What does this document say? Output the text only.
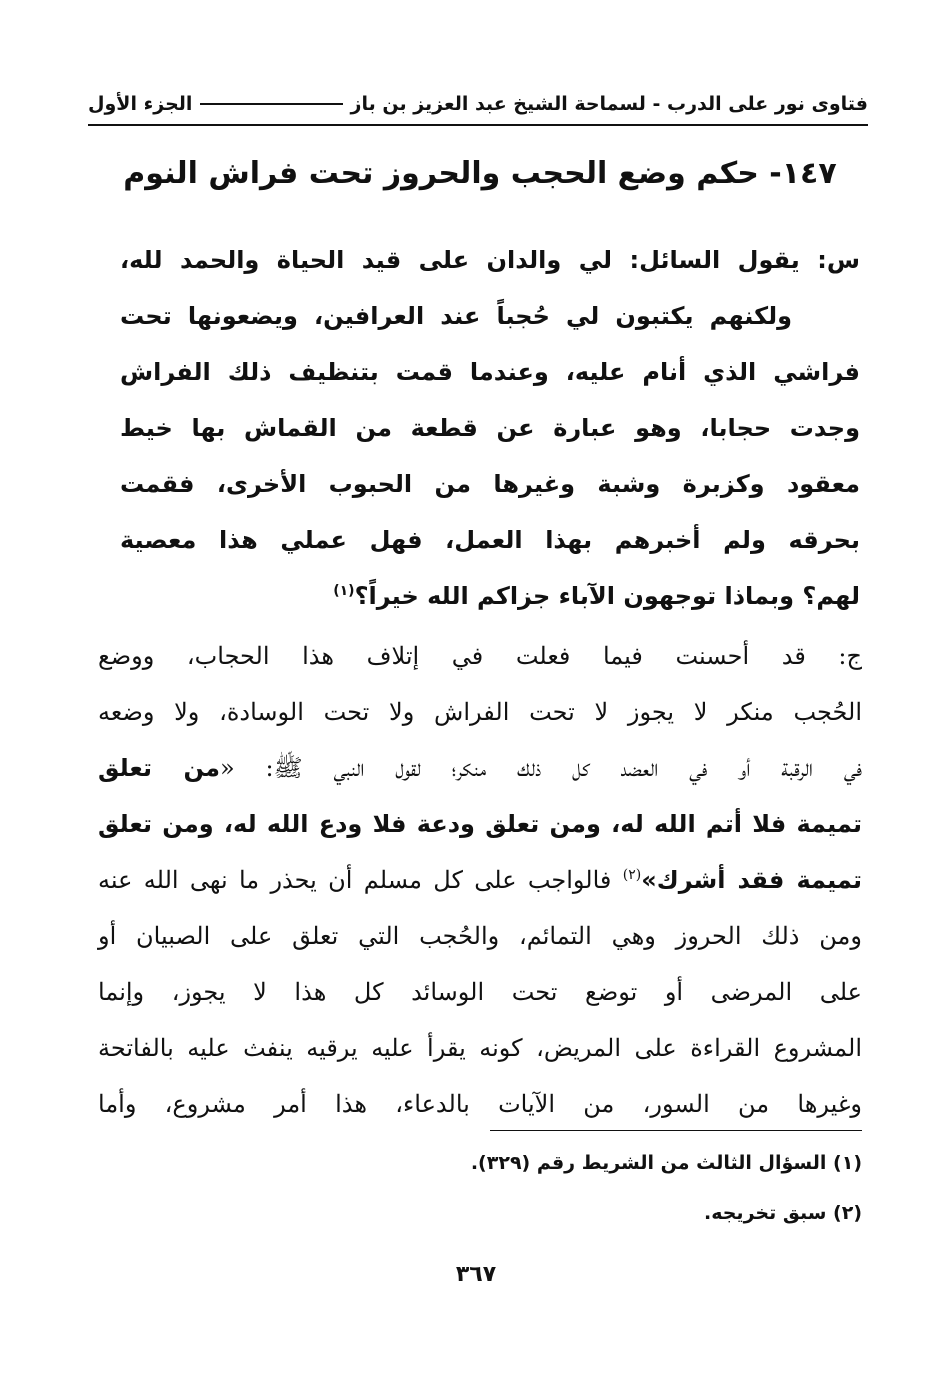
فتاوى نور على الدرب - لسماحة الشيخ عبد العزيز بن باز
الجزء الأول
١٤٧- حكم وضع الحجب والحروز تحت فراش النوم
س: يقول السائل: لي والدان على قيد الحياة والحمد لله،
ولكنهم يكتبون لي حُجباً عند العرافين، ويضعونها تحت
فراشي الذي أنام عليه، وعندما قمت بتنظيف ذلك الفراش
وجدت حجابا، وهو عبارة عن قطعة من القماش بها خيط
معقود وكزبرة وشبة وغيرها من الحبوب الأخرى، فقمت
بحرقه ولم أخبرهم بهذا العمل، فهل عملي هذا معصية
لهم؟ وبماذا توجهون الآباء جزاكم الله خيراً؟$^{(١)}$
ج: قد أحسنت فيما فعلت في إتلاف هذا الحجاب، ووضع
الحُجب منكر لا يجوز لا تحت الفراش ولا تحت الوسادة، ولا وضعه
في الرقبة أو في العضد كل ذلك منكر؛ لقول النبي ﷺ: «من تعلق
تميمة فلا أتم الله له، ومن تعلق ودعة فلا ودع الله له، ومن تعلق
تميمة فقد أشرك»$^{(٢)}$ فالواجب على كل مسلم أن يحذر ما نهى الله عنه
ومن ذلك الحروز وهي التمائم، والحُجب التي تعلق على الصبيان أو
على المرضى أو توضع تحت الوسائد كل هذا لا يجوز، وإنما
المشروع القراءة على المريض، كونه يقرأ عليه يرقيه ينفث عليه بالفاتحة
وغيرها من السور، من الآيات بالدعاء، هذا أمر مشروع، وأما
(١) السؤال الثالث من الشريط رقم (٣٢٩).
(٢) سبق تخريجه.
٣٦٧
